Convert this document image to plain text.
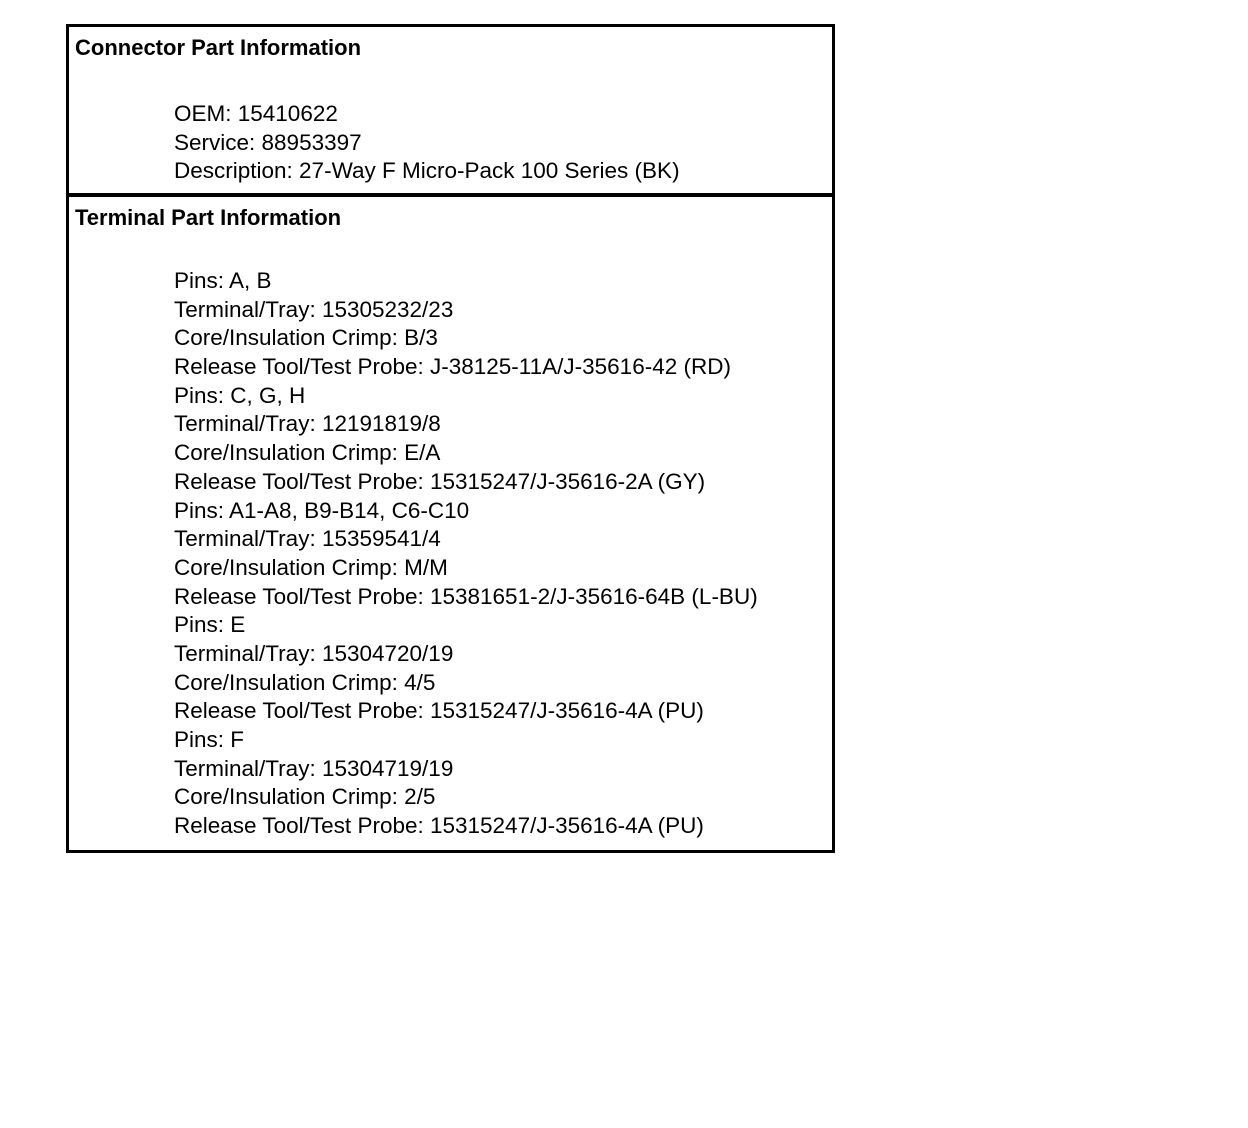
Connector Part Information
OEM: 15410622
Service: 88953397
Description: 27-Way F Micro-Pack 100 Series (BK)
Terminal Part Information
Pins: A, B
Terminal/Tray: 15305232/23
Core/Insulation Crimp: B/3
Release Tool/Test Probe: J-38125-11A/J-35616-42 (RD)
Pins: C, G, H
Terminal/Tray: 12191819/8
Core/Insulation Crimp: E/A
Release Tool/Test Probe: 15315247/J-35616-2A (GY)
Pins: A1-A8, B9-B14, C6-C10
Terminal/Tray: 15359541/4
Core/Insulation Crimp: M/M
Release Tool/Test Probe: 15381651-2/J-35616-64B (L-BU)
Pins: E
Terminal/Tray: 15304720/19
Core/Insulation Crimp: 4/5
Release Tool/Test Probe: 15315247/J-35616-4A (PU)
Pins: F
Terminal/Tray: 15304719/19
Core/Insulation Crimp: 2/5
Release Tool/Test Probe: 15315247/J-35616-4A (PU)
